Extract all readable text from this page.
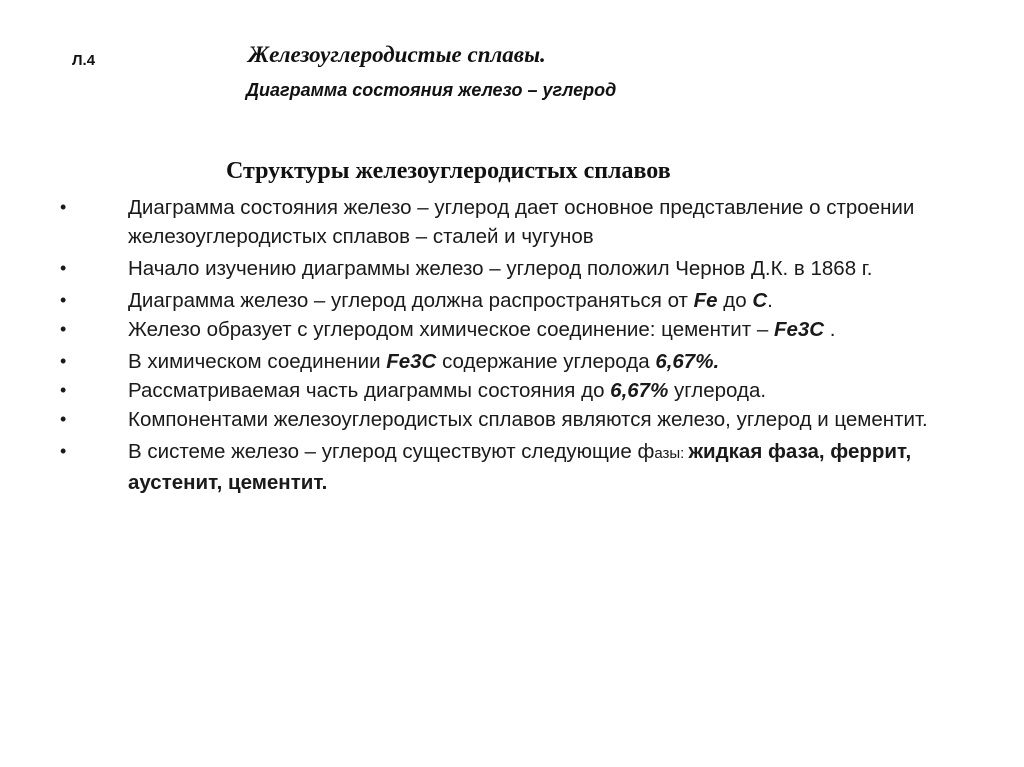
Л.4	Железоуглеродистые сплавы.
Диаграмма состояния железо – углерод
Структуры железоуглеродистых сплавов
• Диаграмма состояния железо – углерод дает основное представление о строении железоуглеродистых сплавов – сталей и чугунов
• Начало изучению диаграммы железо – углерод положил Чернов Д.К. в 1868 г.
• Диаграмма железо – углерод должна распространяться от Fe до C.
• Железо образует с углеродом химическое соединение: цементит – Fe3C .
• В химическом соединении Fe3C содержание углерода 6,67%.
• Рассматриваемая часть диаграммы состояния до 6,67% углерода.
• Компонентами железоуглеродистых сплавов являются железо, углерод и цементит.
• В системе железо – углерод существуют следующие фазы: жидкая фаза, феррит, аустенит, цементит.
